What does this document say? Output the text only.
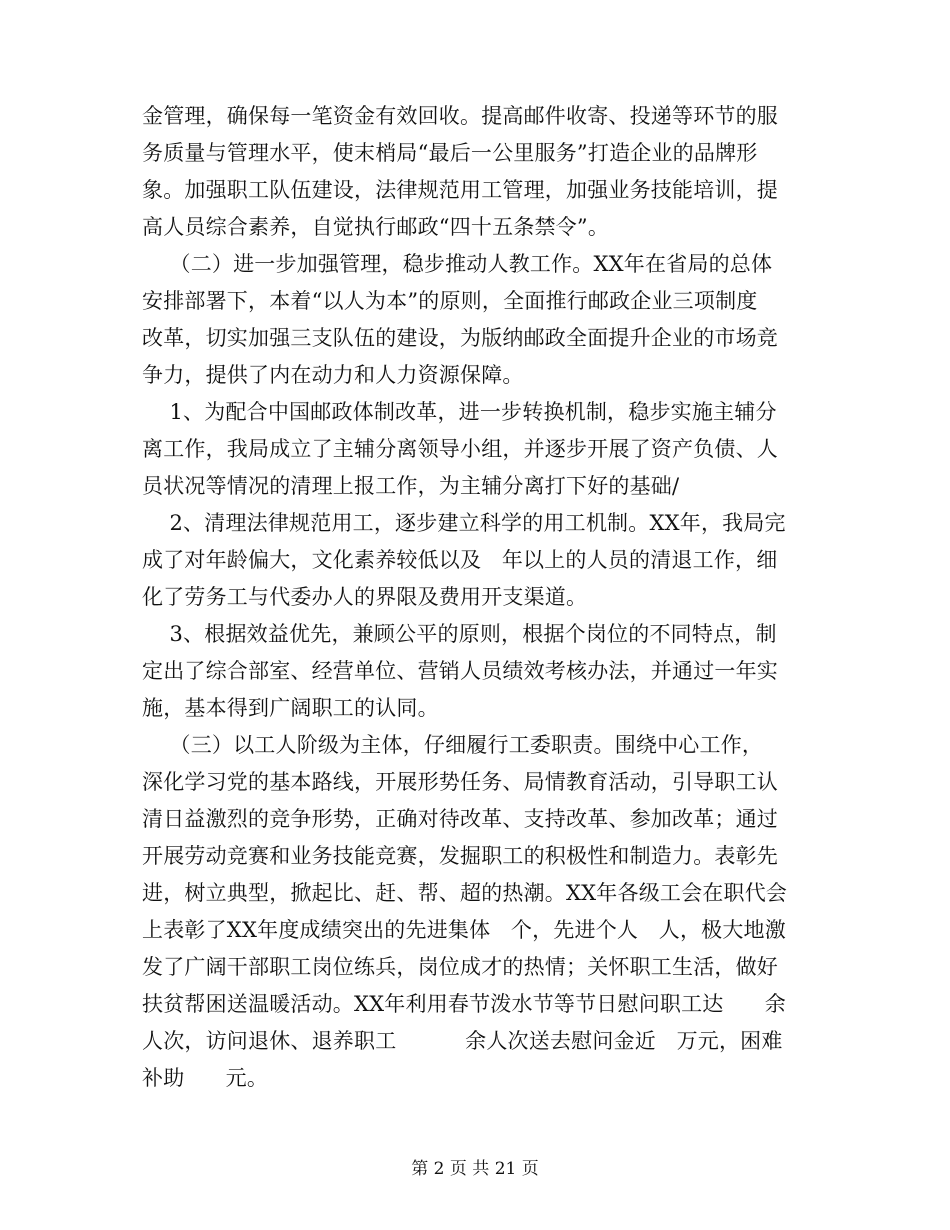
金管理，确保每一笔资金有效回收。提高邮件收寄、投递等环节的服
务质量与管理水平，使末梢局“最后一公里服务”打造企业的品牌形
象。加强职工队伍建设，法律规范用工管理，加强业务技能培训，提
高人员综合素养，自觉执行邮政“四十五条禁令”。
（二）进一步加强管理，稳步推动人教工作。XX年在省局的总体
安排部署下，本着“以人为本”的原则，全面推行邮政企业三项制度
改革，切实加强三支队伍的建设，为版纳邮政全面提升企业的市场竞
争力，提供了内在动力和人力资源保障。
1、为配合中国邮政体制改革，进一步转换机制，稳步实施主辅分
离工作，我局成立了主辅分离领导小组，并逐步开展了资产负债、人
员状况等情况的清理上报工作，为主辅分离打下好的基础/
2、清理法律规范用工，逐步建立科学的用工机制。XX年，我局完
成了对年龄偏大，文化素养较低以及   年以上的人员的清退工作，细
化了劳务工与代委办人的界限及费用开支渠道。
3、根据效益优先，兼顾公平的原则，根据个岗位的不同特点，制
定出了综合部室、经营单位、营销人员绩效考核办法，并通过一年实
施，基本得到广阔职工的认同。
（三）以工人阶级为主体，仔细履行工委职责。围绕中心工作，
深化学习党的基本路线，开展形势任务、局情教育活动，引导职工认
清日益激烈的竞争形势，正确对待改革、支持改革、参加改革；通过
开展劳动竞赛和业务技能竞赛，发掘职工的积极性和制造力。表彰先
进，树立典型，掀起比、赶、帮、超的热潮。XX年各级工会在职代会
上表彰了XX年度成绩突出的先进集体   个，先进个人   人，极大地激
发了广阔干部职工岗位练兵，岗位成才的热情；关怀职工生活，做好
扶贫帮困送温暖活动。XX年利用春节泼水节等节日慰问职工达      余
人次，访问退休、退养职工          余人次送去慰问金近   万元，困难
补助      元。
第 2 页 共 21 页
